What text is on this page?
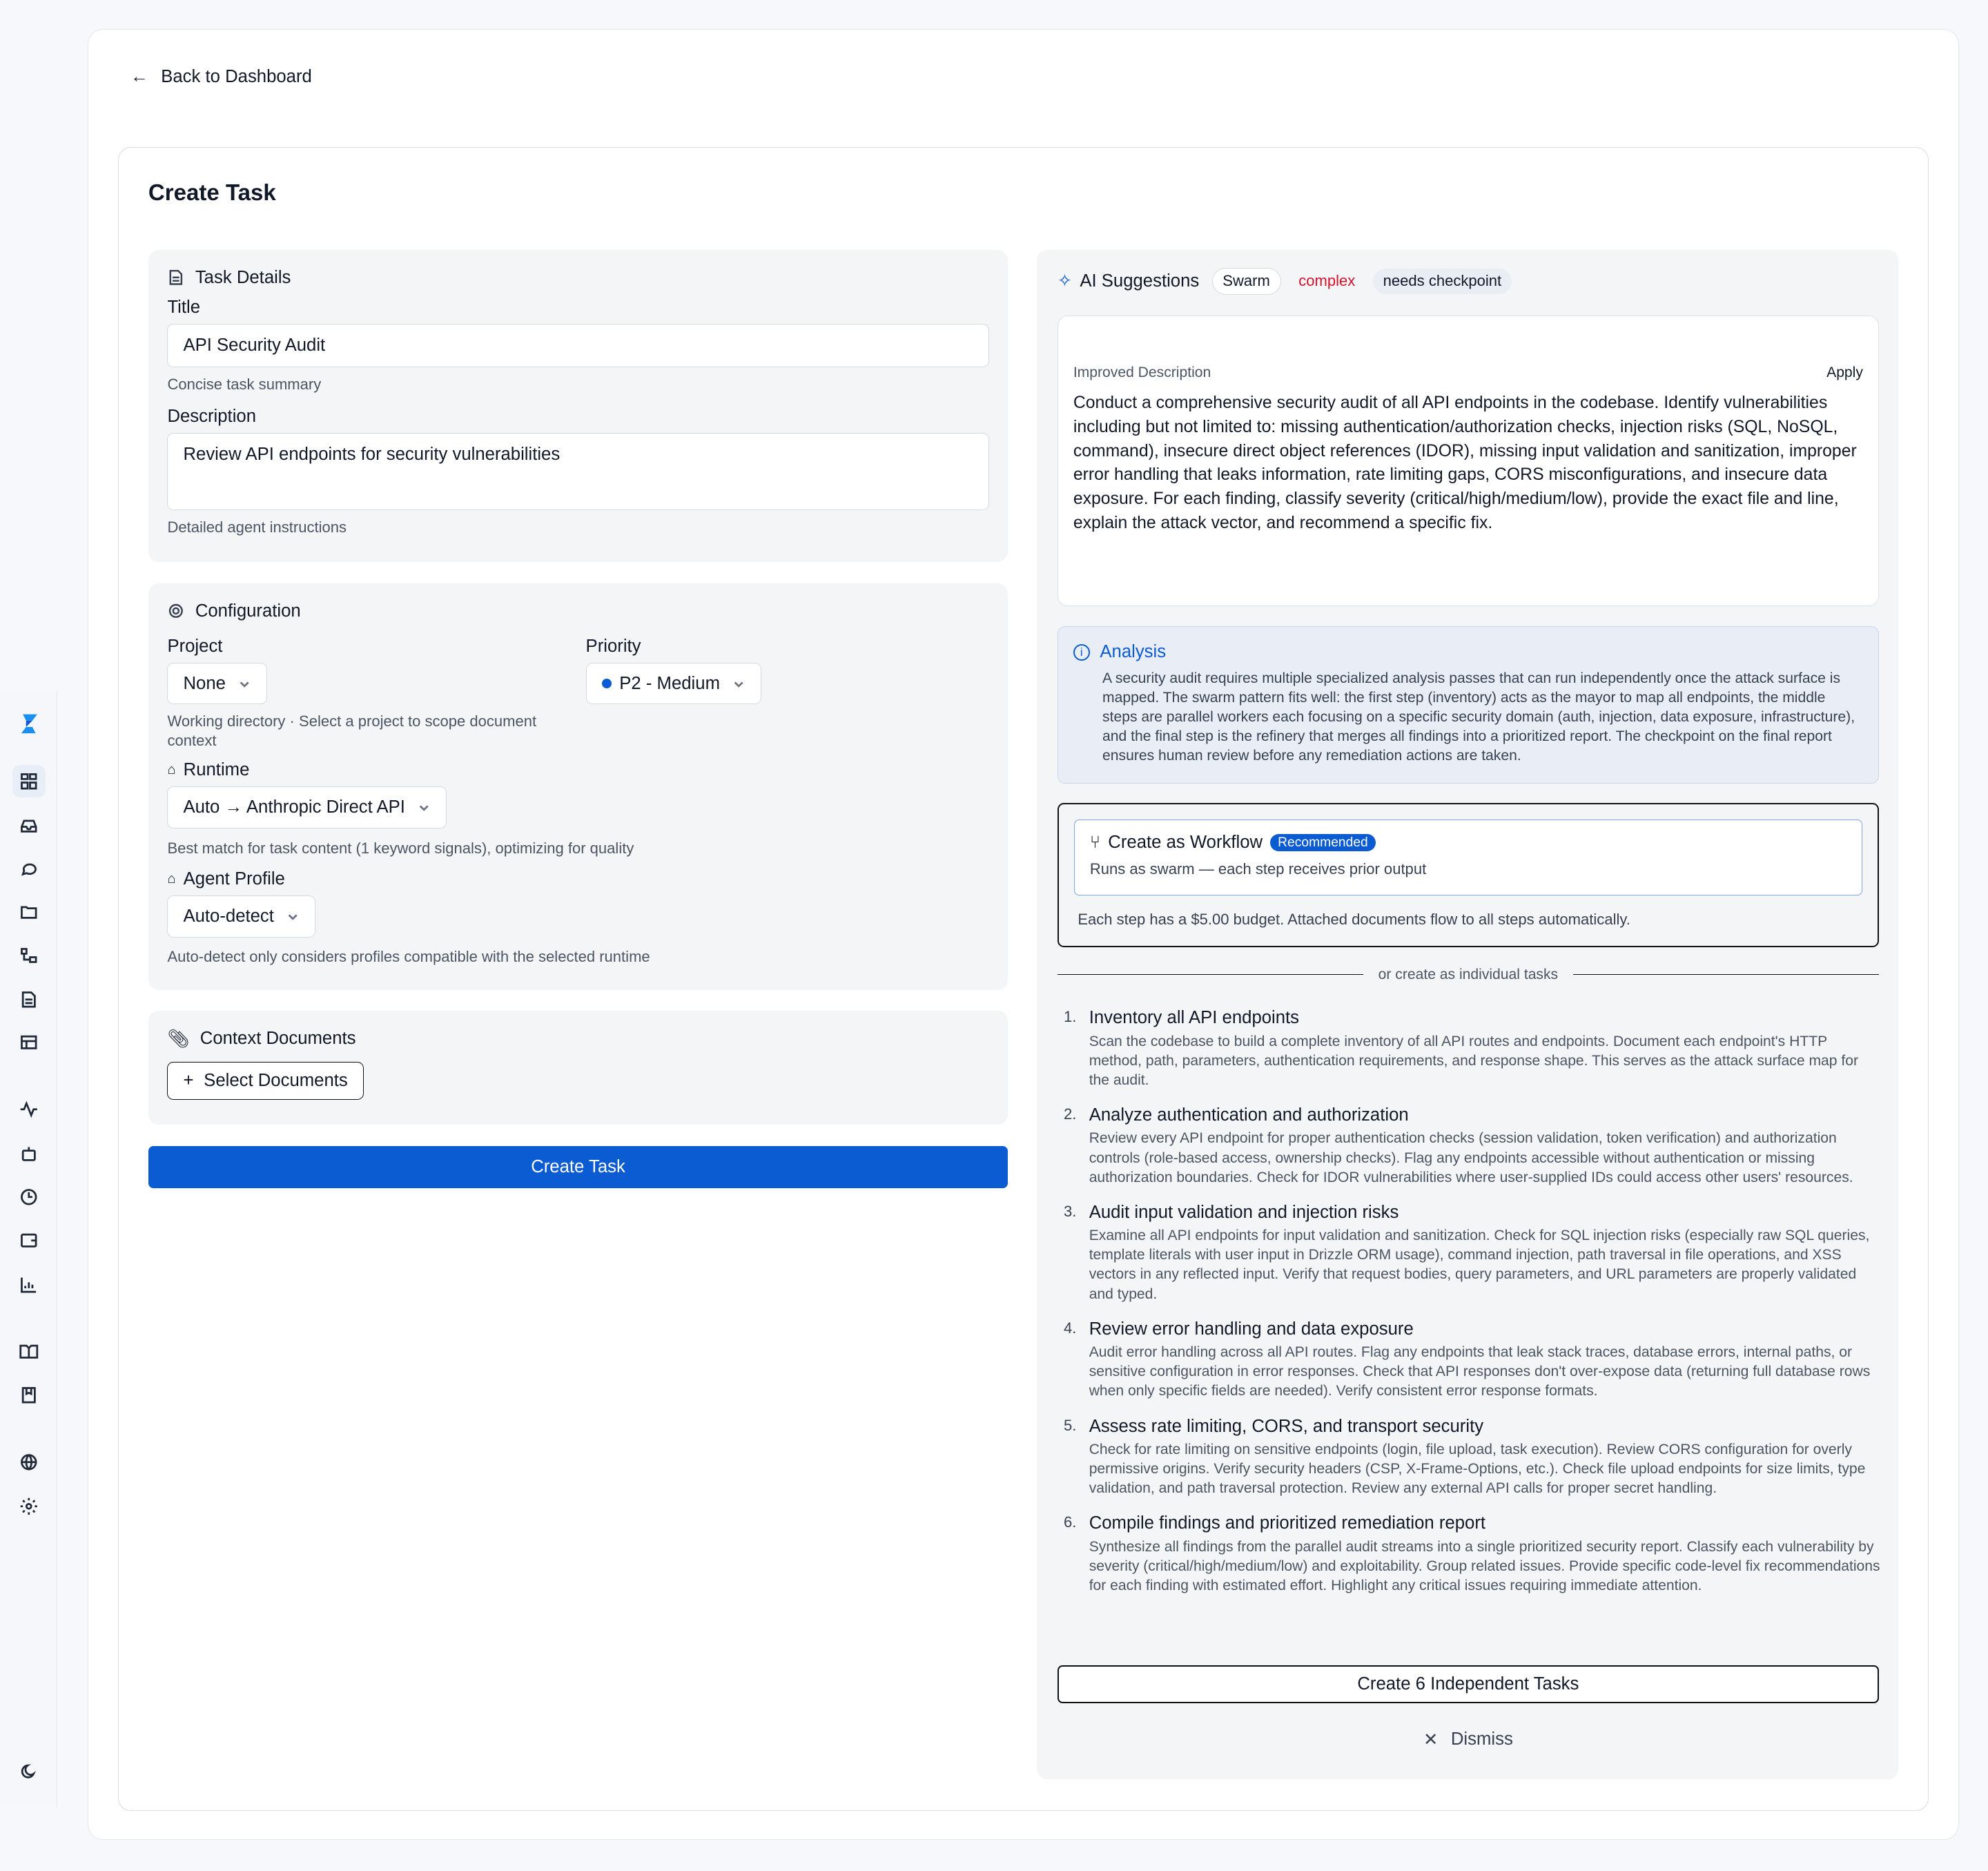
← Back to Dashboard
Create Task
Task Details
Title
API Security Audit
Concise task summary
Description
Review API endpoints for security vulnerabilities
Detailed agent instructions
Configuration
Project
None
Working directory · Select a project to scope document context
Priority
P2 - Medium
⌂ Runtime
Auto → Anthropic Direct API
Best match for task content (1 keyword signals), optimizing for quality
⌂ Agent Profile
Auto-detect
Auto-detect only considers profiles compatible with the selected runtime
📎︎ Context Documents
+ Select Documents
Create Task
✧ AI Suggestions	Swarm	complex	needs checkpoint
Improved Description	Apply
Conduct a comprehensive security audit of all API endpoints in the codebase. Identify vulnerabilities including but not limited to: missing authentication/authorization checks, injection risks (SQL, NoSQL, command), insecure direct object references (IDOR), missing input validation and sanitization, improper error handling that leaks information, rate limiting gaps, CORS misconfigurations, and insecure data exposure. For each finding, classify severity (critical/high/medium/low), provide the exact file and line, explain the attack vector, and recommend a specific fix.
i	Analysis
A security audit requires multiple specialized analysis passes that can run independently once the attack surface is mapped. The swarm pattern fits well: the first step (inventory) acts as the mayor to map all endpoints, the middle steps are parallel workers each focusing on a specific security domain (auth, injection, data exposure, infrastructure), and the final step is the refinery that merges all findings into a prioritized report. The checkpoint on the final report ensures human review before any remediation actions are taken.
⑂ Create as Workflow	Recommended
Runs as swarm — each step receives prior output
Each step has a $5.00 budget. Attached documents flow to all steps automatically.
or create as individual tasks
1. Inventory all API endpoints
Scan the codebase to build a complete inventory of all API routes and endpoints. Document each endpoint's HTTP method, path, parameters, authentication requirements, and response shape. This serves as the attack surface map for the audit.
2. Analyze authentication and authorization
Review every API endpoint for proper authentication checks (session validation, token verification) and authorization controls (role-based access, ownership checks). Flag any endpoints accessible without authentication or missing authorization boundaries. Check for IDOR vulnerabilities where user-supplied IDs could access other users' resources.
3. Audit input validation and injection risks
Examine all API endpoints for input validation and sanitization. Check for SQL injection risks (especially raw SQL queries, template literals with user input in Drizzle ORM usage), command injection, path traversal in file operations, and XSS vectors in any reflected input. Verify that request bodies, query parameters, and URL parameters are properly validated and typed.
4. Review error handling and data exposure
Audit error handling across all API routes. Flag any endpoints that leak stack traces, database errors, internal paths, or sensitive configuration in error responses. Check that API responses don't over-expose data (returning full database rows when only specific fields are needed). Verify consistent error response formats.
5. Assess rate limiting, CORS, and transport security
Check for rate limiting on sensitive endpoints (login, file upload, task execution). Review CORS configuration for overly permissive origins. Verify security headers (CSP, X-Frame-Options, etc.). Check file upload endpoints for size limits, type validation, and path traversal protection. Review any external API calls for proper secret handling.
6. Compile findings and prioritized remediation report
Synthesize all findings from the parallel audit streams into a single prioritized security report. Classify each vulnerability by severity (critical/high/medium/low) and exploitability. Group related issues. Provide specific code-level fix recommendations for each finding with estimated effort. Highlight any critical issues requiring immediate attention.
Create 6 Independent Tasks
✕ Dismiss
